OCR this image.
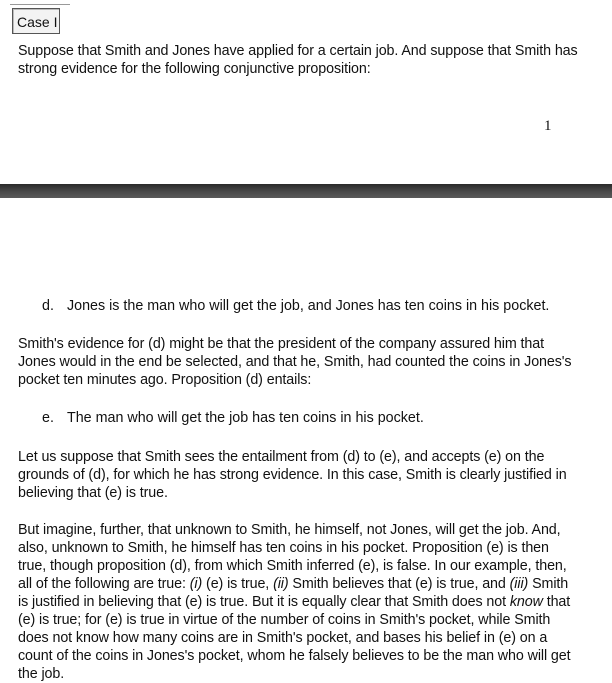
Case I

Suppose that Smith and Jones have applied for a certain job. And suppose that Smith has strong evidence for the following conjunctive proposition:

1
d. Jones is the man who will get the job, and Jones has ten coins in his pocket.

Smith's evidence for (d) might be that the president of the company assured him that Jones would in the end be selected, and that he, Smith, had counted the coins in Jones's pocket ten minutes ago. Proposition (d) entails:

e. The man who will get the job has ten coins in his pocket.

Let us suppose that Smith sees the entailment from (d) to (e), and accepts (e) on the grounds of (d), for which he has strong evidence. In this case, Smith is clearly justified in believing that (e) is true.

But imagine, further, that unknown to Smith, he himself, not Jones, will get the job. And, also, unknown to Smith, he himself has ten coins in his pocket. Proposition (e) is then true, though proposition (d), from which Smith inferred (e), is false. In our example, then, all of the following are true: (i) (e) is true, (ii) Smith believes that (e) is true, and (iii) Smith is justified in believing that (e) is true. But it is equally clear that Smith does not know that (e) is true; for (e) is true in virtue of the number of coins in Smith's pocket, while Smith does not know how many coins are in Smith's pocket, and bases his belief in (e) on a count of the coins in Jones's pocket, whom he falsely believes to be the man who will get the job.
